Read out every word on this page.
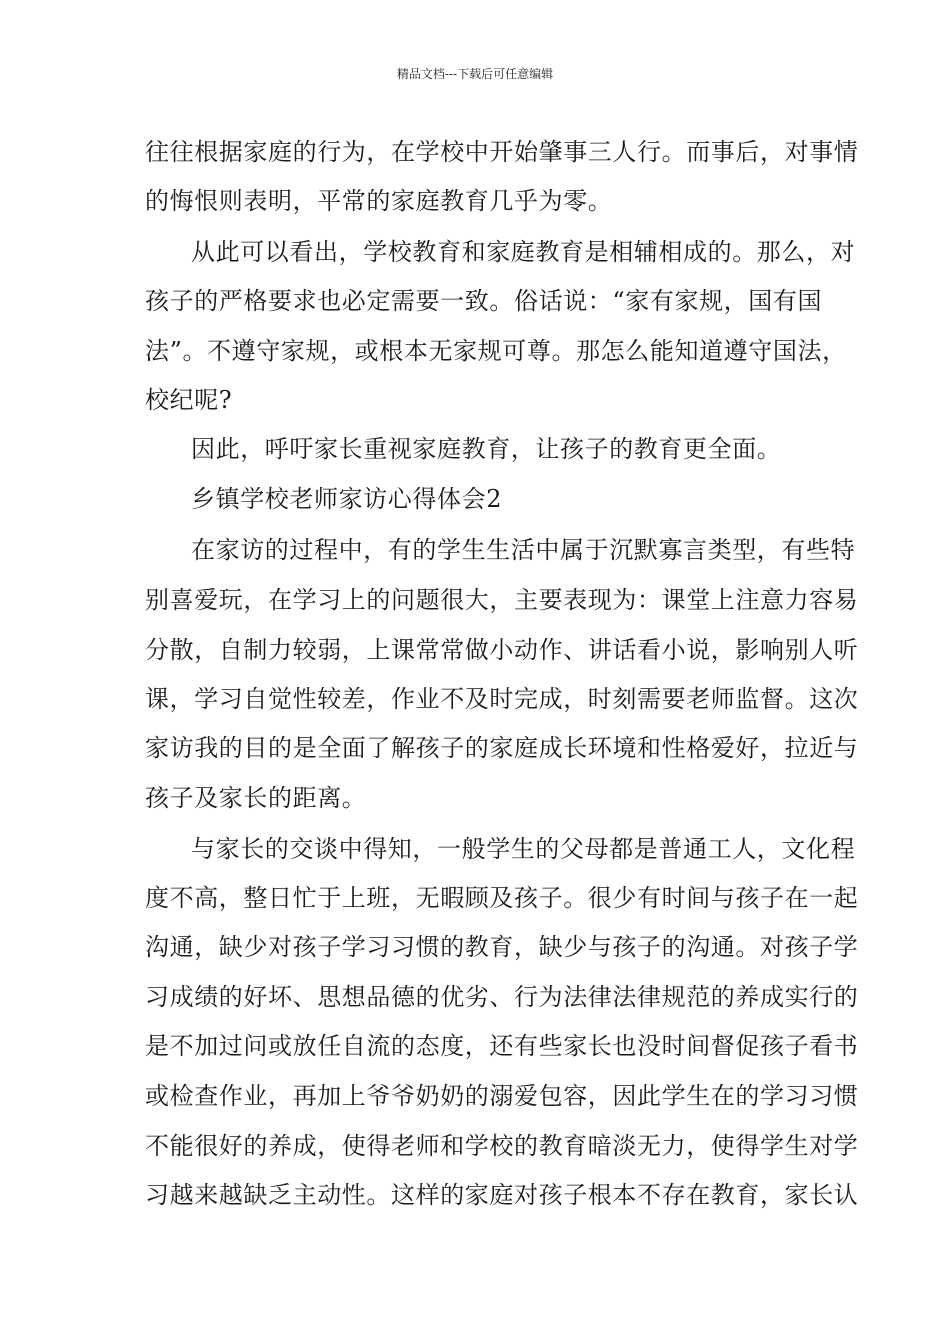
精品文档---下载后可任意编辑
往往根据家庭的行为，在学校中开始肇事三人行。而事后，对事情
的悔恨则表明，平常的家庭教育几乎为零。
从此可以看出，学校教育和家庭教育是相辅相成的。那么，对
孩子的严格要求也必定需要一致。俗话说：“家有家规，国有国
法”。不遵守家规，或根本无家规可尊。那怎么能知道遵守国法，
校纪呢?
因此，呼吁家长重视家庭教育，让孩子的教育更全面。
乡镇学校老师家访心得体会2
在家访的过程中，有的学生生活中属于沉默寡言类型，有些特
别喜爱玩，在学习上的问题很大，主要表现为：课堂上注意力容易
分散，自制力较弱，上课常常做小动作、讲话看小说，影响别人听
课，学习自觉性较差，作业不及时完成，时刻需要老师监督。这次
家访我的目的是全面了解孩子的家庭成长环境和性格爱好，拉近与
孩子及家长的距离。
与家长的交谈中得知，一般学生的父母都是普通工人，文化程
度不高，整日忙于上班，无暇顾及孩子。很少有时间与孩子在一起
沟通，缺少对孩子学习习惯的教育，缺少与孩子的沟通。对孩子学
习成绩的好坏、思想品德的优劣、行为法律法律规范的养成实行的
是不加过问或放任自流的态度，还有些家长也没时间督促孩子看书
或检查作业，再加上爷爷奶奶的溺爱包容，因此学生在的学习习惯
不能很好的养成，使得老师和学校的教育暗淡无力，使得学生对学
习越来越缺乏主动性。这样的家庭对孩子根本不存在教育，家长认
